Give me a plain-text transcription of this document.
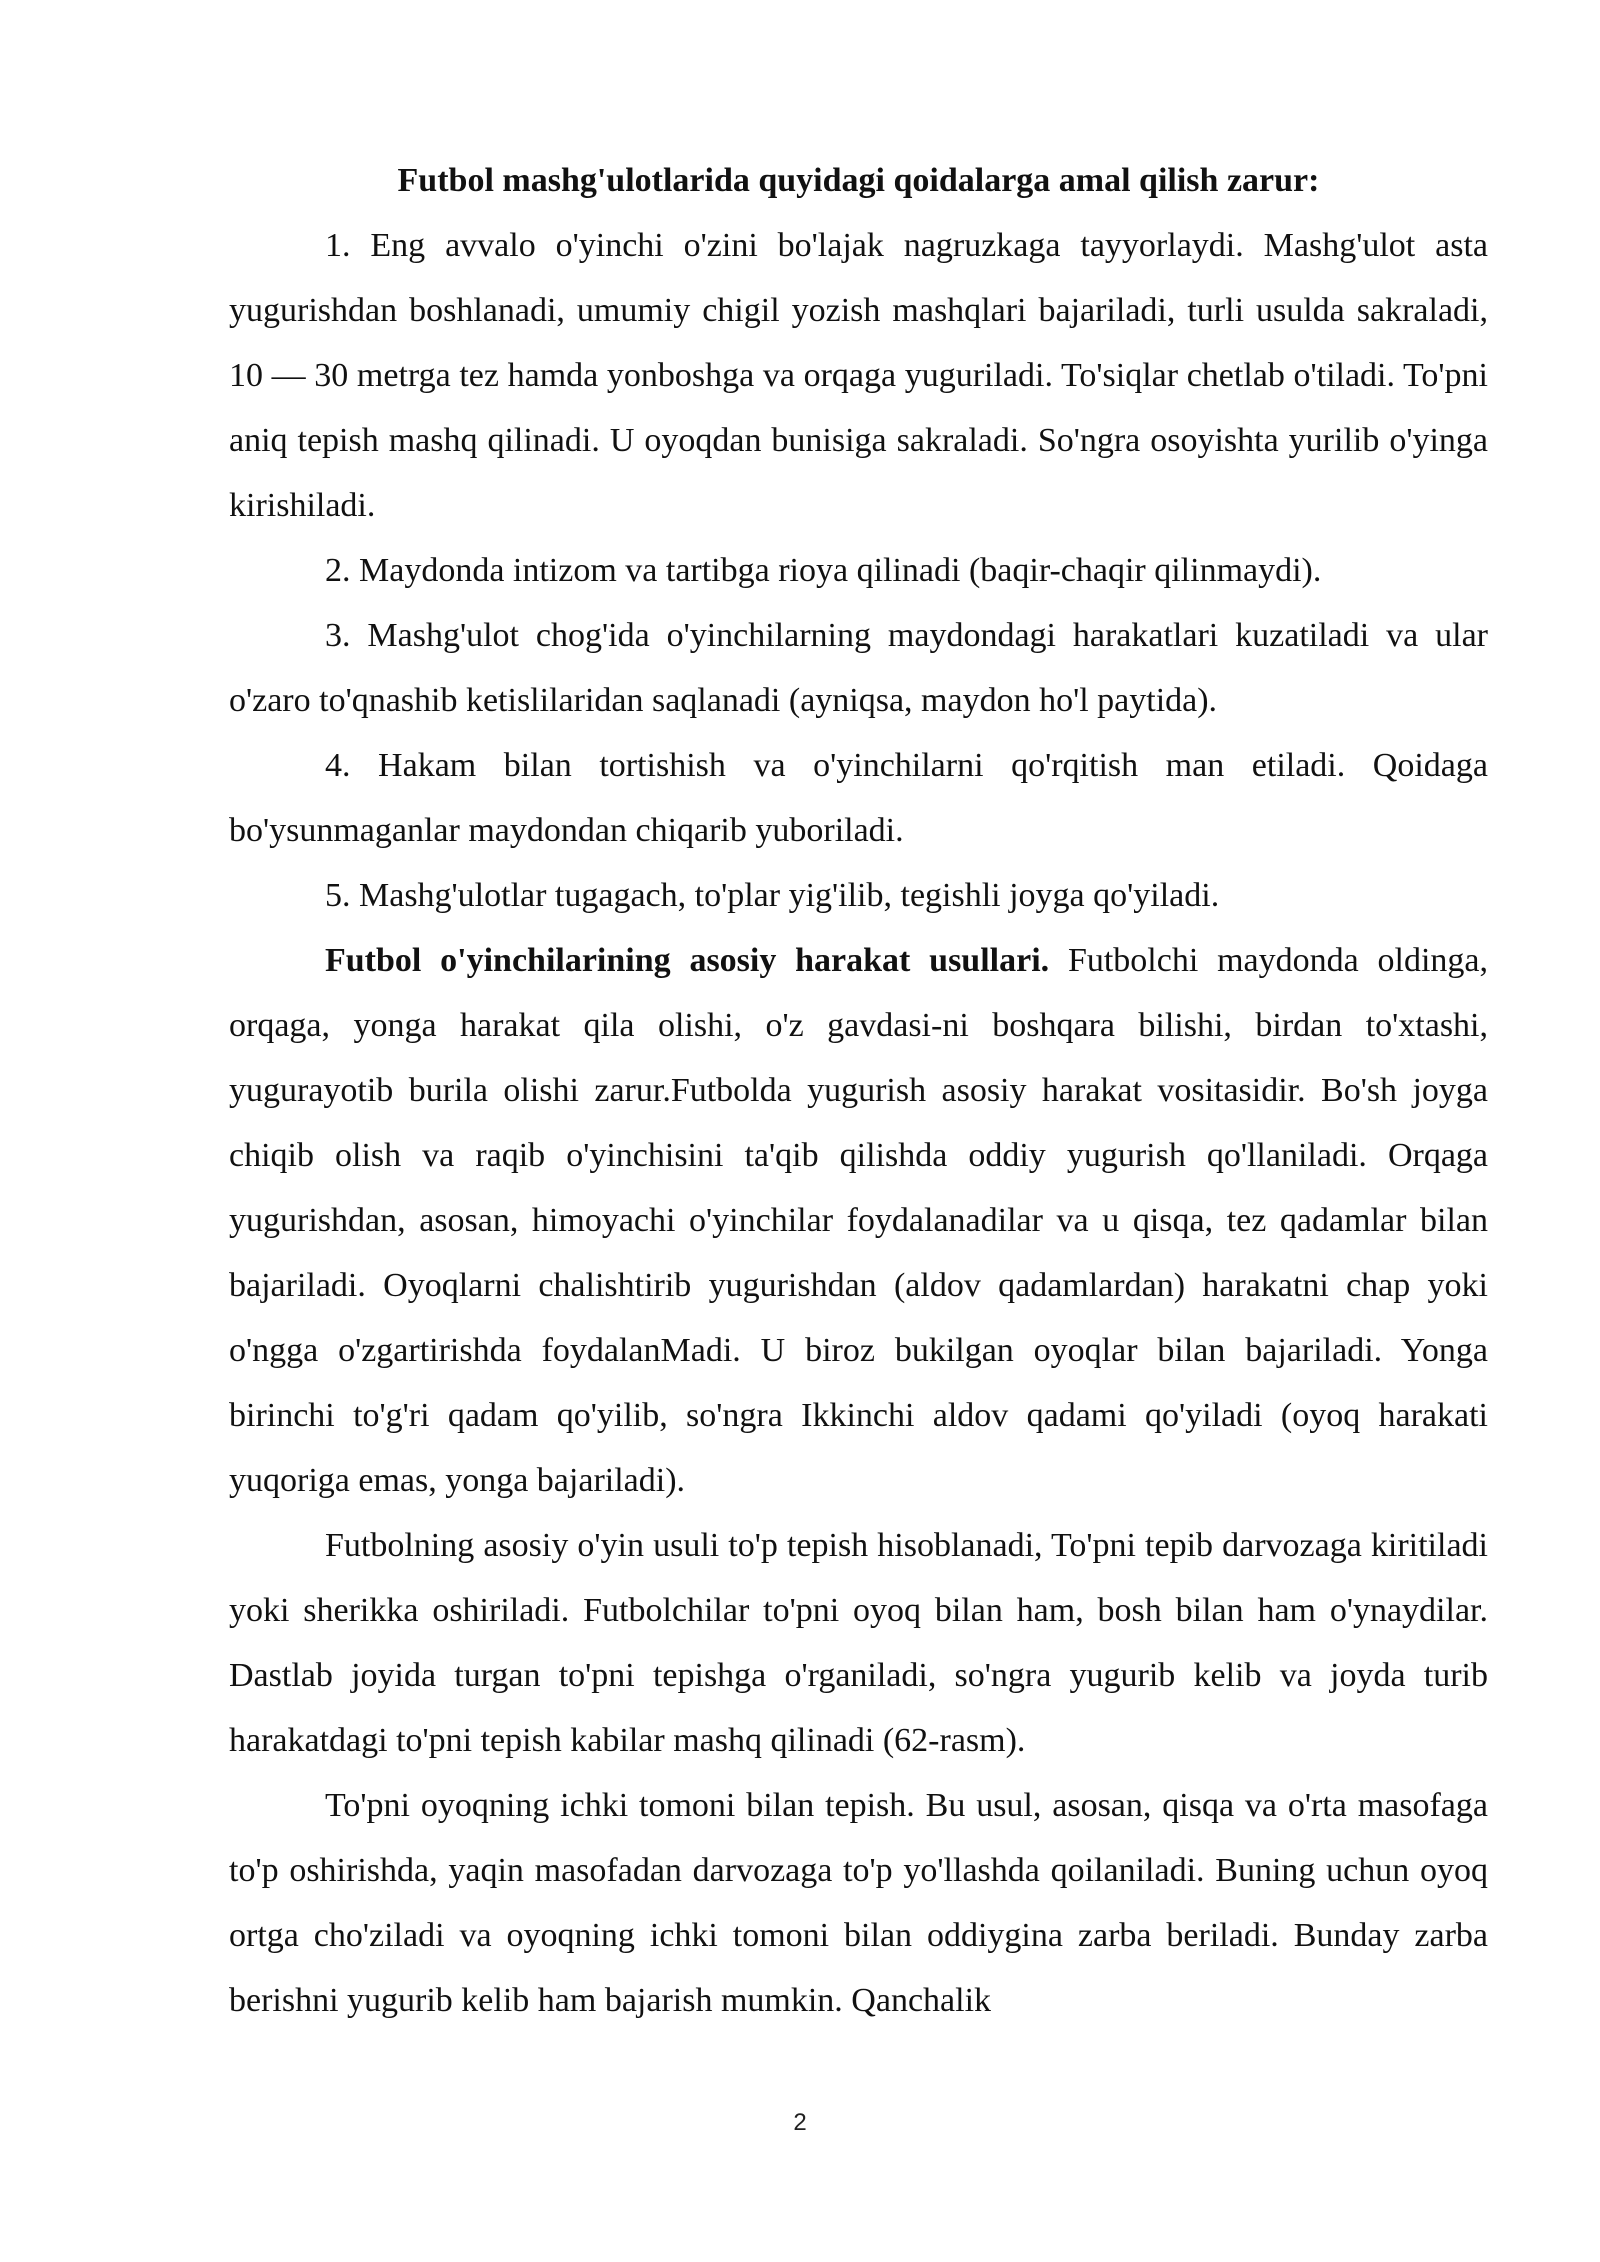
Futbol mashg'ulotlarida quyidagi qoidalarga amal qilish zarur:

1. Eng avvalo o'yinchi o'zini bo'lajak nagruzkaga tayyorlaydi. Mashg'ulot asta yugurishdan boshlanadi, umumiy chigil yozish mashqlari bajariladi, turli usulda sakraladi, 10 — 30 metrga tez hamda yonboshga va orqaga yuguriladi. To'siqlar chetlab o'tiladi. To'pni aniq tepish mashq qilinadi. U oyoqdan bunisiga sakraladi. So'ngra osoyishta yurilib o'yinga kirishiladi.

2. Maydonda intizom va tartibga rioya qilinadi (baqir-chaqir qilinmaydi).

3. Mashg'ulot chog'ida o'yinchilarning maydondagi harakatlari kuzatiladi va ular o'zaro to'qnashib ketislilaridan saqlanadi (ayniqsa, maydon ho'l paytida).

4. Hakam bilan tortishish va o'yinchilarni qo'rqitish man etiladi. Qoidaga bo'ysunmaganlar maydondan chiqarib yuboriladi.

5. Mashg'ulotlar tugagach, to'plar yig'ilib, tegishli joyga qo'yiladi.

Futbol o'yinchilarining asosiy harakat usullari. Futbolchi maydonda oldinga, orqaga, yonga harakat qila olishi, o'z gavdasi-ni boshqara bilishi, birdan to'xtashi, yugurayotib burila olishi zarur.Futbolda yugurish asosiy harakat vositasidir. Bo'sh joyga chiqib olish va raqib o'yinchisini ta'qib qilishda oddiy yugurish qo'llaniladi. Orqaga yugurishdan, asosan, himoyachi o'yinchilar foydalanadilar va u qisqa, tez qadamlar bilan bajariladi. Oyoqlarni chalishtirib yugurishdan (aldov qadamlardan) harakatni chap yoki o'ngga o'zgartirishda foydalanMadi. U biroz bukilgan oyoqlar bilan bajariladi. Yonga birinchi to'g'ri qadam qo'yilib, so'ngra Ikkinchi aldov qadami qo'yiladi (oyoq harakati yuqoriga emas, yonga bajariladi).

Futbolning asosiy o'yin usuli to'p tepish hisoblanadi, To'pni tepib darvozaga kiritiladi yoki sherikka oshiriladi. Futbolchilar to'pni oyoq bilan ham, bosh bilan ham o'ynaydilar. Dastlab joyida turgan to'pni tepishga o'rganiladi, so'ngra yugurib kelib va joyda turib harakatdagi to'pni tepish kabilar mashq qilinadi (62-rasm).

To'pni oyoqning ichki tomoni bilan tepish. Bu usul, asosan, qisqa va o'rta masofaga to'p oshirishda, yaqin masofadan darvozaga to'p yo'llashda qoilaniladi. Buning uchun oyoq ortga cho'ziladi va oyoqning ichki tomoni bilan oddiygina zarba beriladi. Bunday zarba berishni yugurib kelib ham bajarish mumkin. Qanchalik

2
